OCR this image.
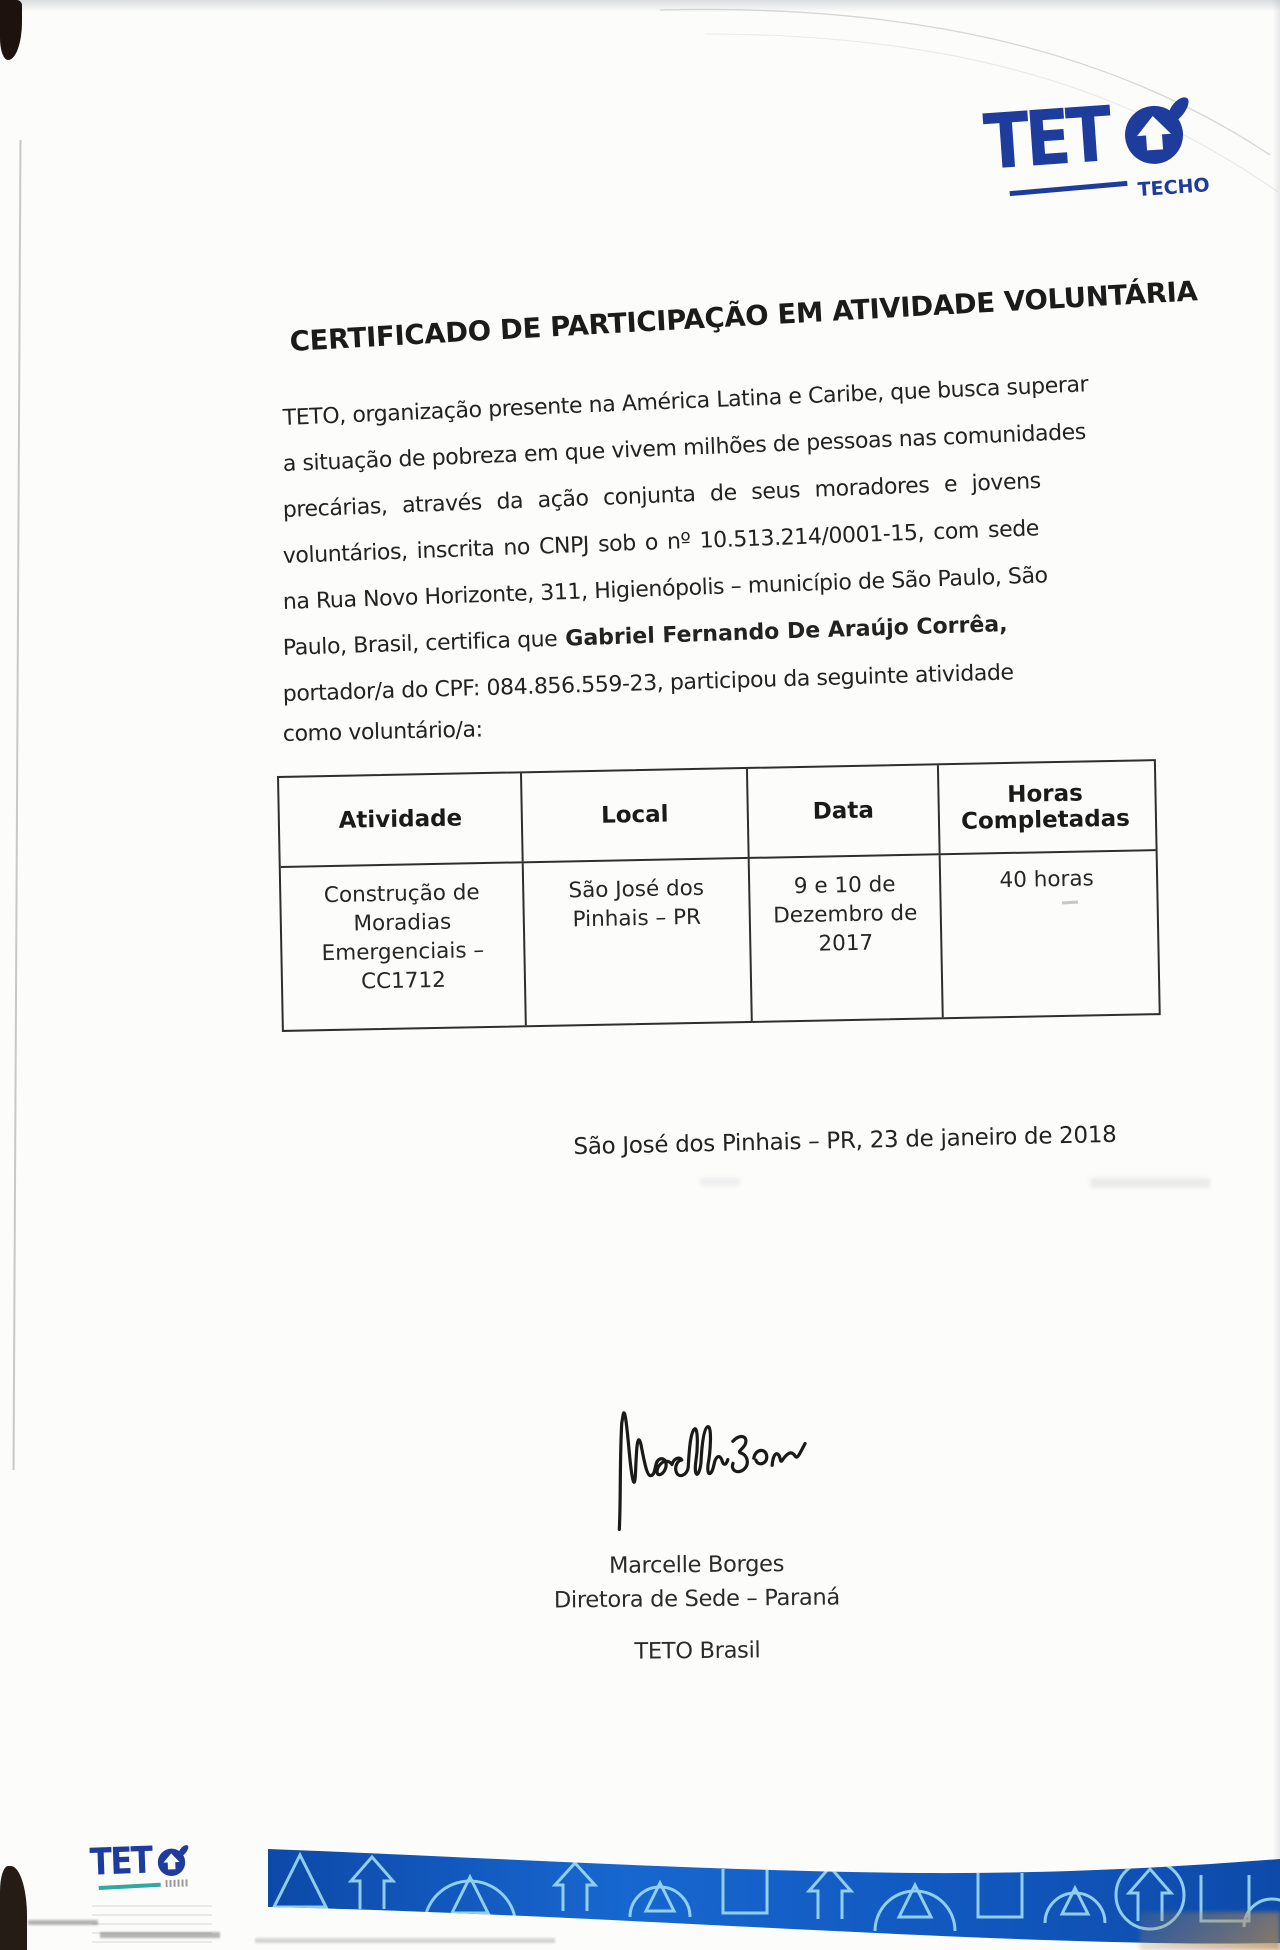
TET
TECHO
CERTIFICADO DE PARTICIPAÇÃO EM ATIVIDADE VOLUNTÁRIA
TETO, organização presente na América Latina e Caribe, que busca superar
a situação de pobreza em que vivem milhões de pessoas nas comunidades
precárias, através da ação conjunta de seus moradores e jovens
voluntários, inscrita no CNPJ sob o nº 10.513.214/0001-15, com sede
na Rua Novo Horizonte, 311, Higienópolis – município de São Paulo, São
Paulo, Brasil, certifica que Gabriel Fernando De Araújo Corrêa,
portador/a do CPF: 084.856.559-23, participou da seguinte atividade
como voluntário/a:
Atividade	Local	Data
Horas Completadas
Construção de Moradias Emergenciais – CC1712
São José dos Pinhais – PR
9 e 10 de Dezembro de 2017
40 horas
São José dos Pinhais – PR, 23 de janeiro de 2018
Marcelle Borges
Diretora de Sede – Paraná
TETO Brasil
TET
